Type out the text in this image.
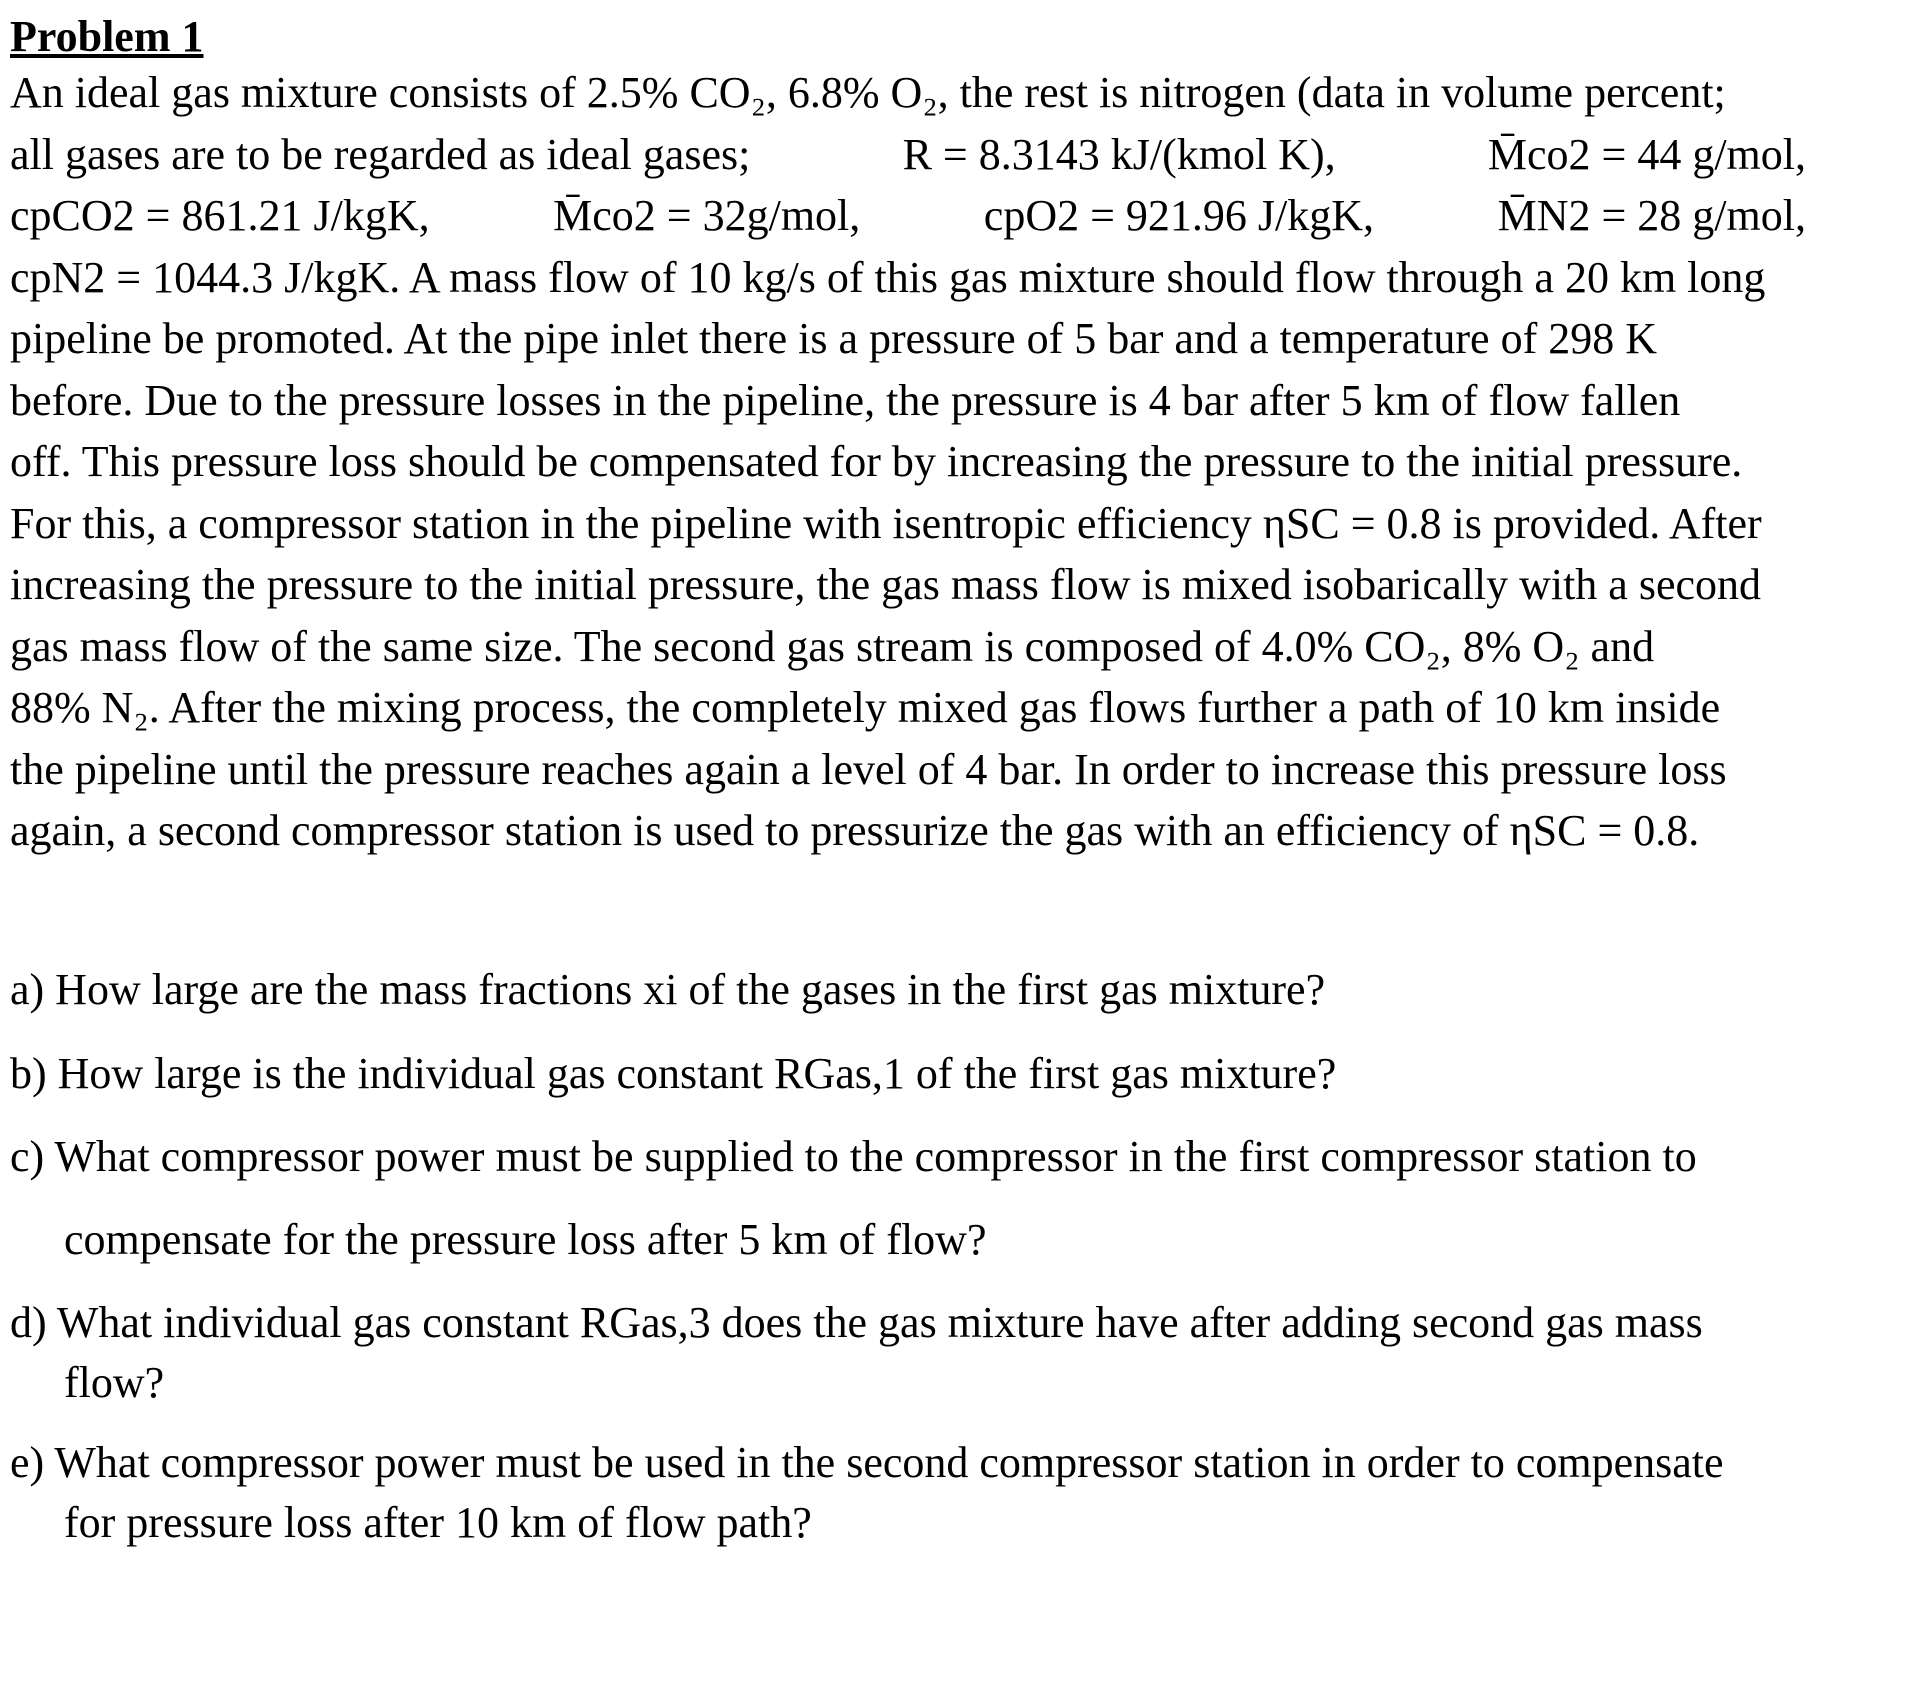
Problem 1
An ideal gas mixture consists of 2.5% CO₂, 6.8% O₂, the rest is nitrogen (data in volume percent;
all gases are to be regarded as ideal gases;	R = 8.3143 kJ/(kmol K),	M̄co2 = 44 g/mol,
cpCO2 = 861.21 J/kgK,	M̄co2 = 32g/mol,	cpO2 = 921.96 J/kgK,	M̄N2 = 28 g/mol,
cpN2 = 1044.3 J/kgK. A mass flow of 10 kg/s of this gas mixture should flow through a 20 km long
pipeline be promoted. At the pipe inlet there is a pressure of 5 bar and a temperature of 298 K
before. Due to the pressure losses in the pipeline, the pressure is 4 bar after 5 km of flow fallen
off. This pressure loss should be compensated for by increasing the pressure to the initial pressure.
For this, a compressor station in the pipeline with isentropic efficiency ηSC = 0.8 is provided. After
increasing the pressure to the initial pressure, the gas mass flow is mixed isobarically with a second
gas mass flow of the same size. The second gas stream is composed of 4.0% CO₂, 8% O₂ and
88% N₂. After the mixing process, the completely mixed gas flows further a path of 10 km inside
the pipeline until the pressure reaches again a level of 4 bar. In order to increase this pressure loss
again, a second compressor station is used to pressurize the gas with an efficiency of ηSC = 0.8.
a) How large are the mass fractions xi of the gases in the first gas mixture?
b) How large is the individual gas constant RGas,1 of the first gas mixture?
c) What compressor power must be supplied to the compressor in the first compressor station to
compensate for the pressure loss after 5 km of flow?
d) What individual gas constant RGas,3 does the gas mixture have after adding second gas mass
flow?
e) What compressor power must be used in the second compressor station in order to compensate
for pressure loss after 10 km of flow path?
